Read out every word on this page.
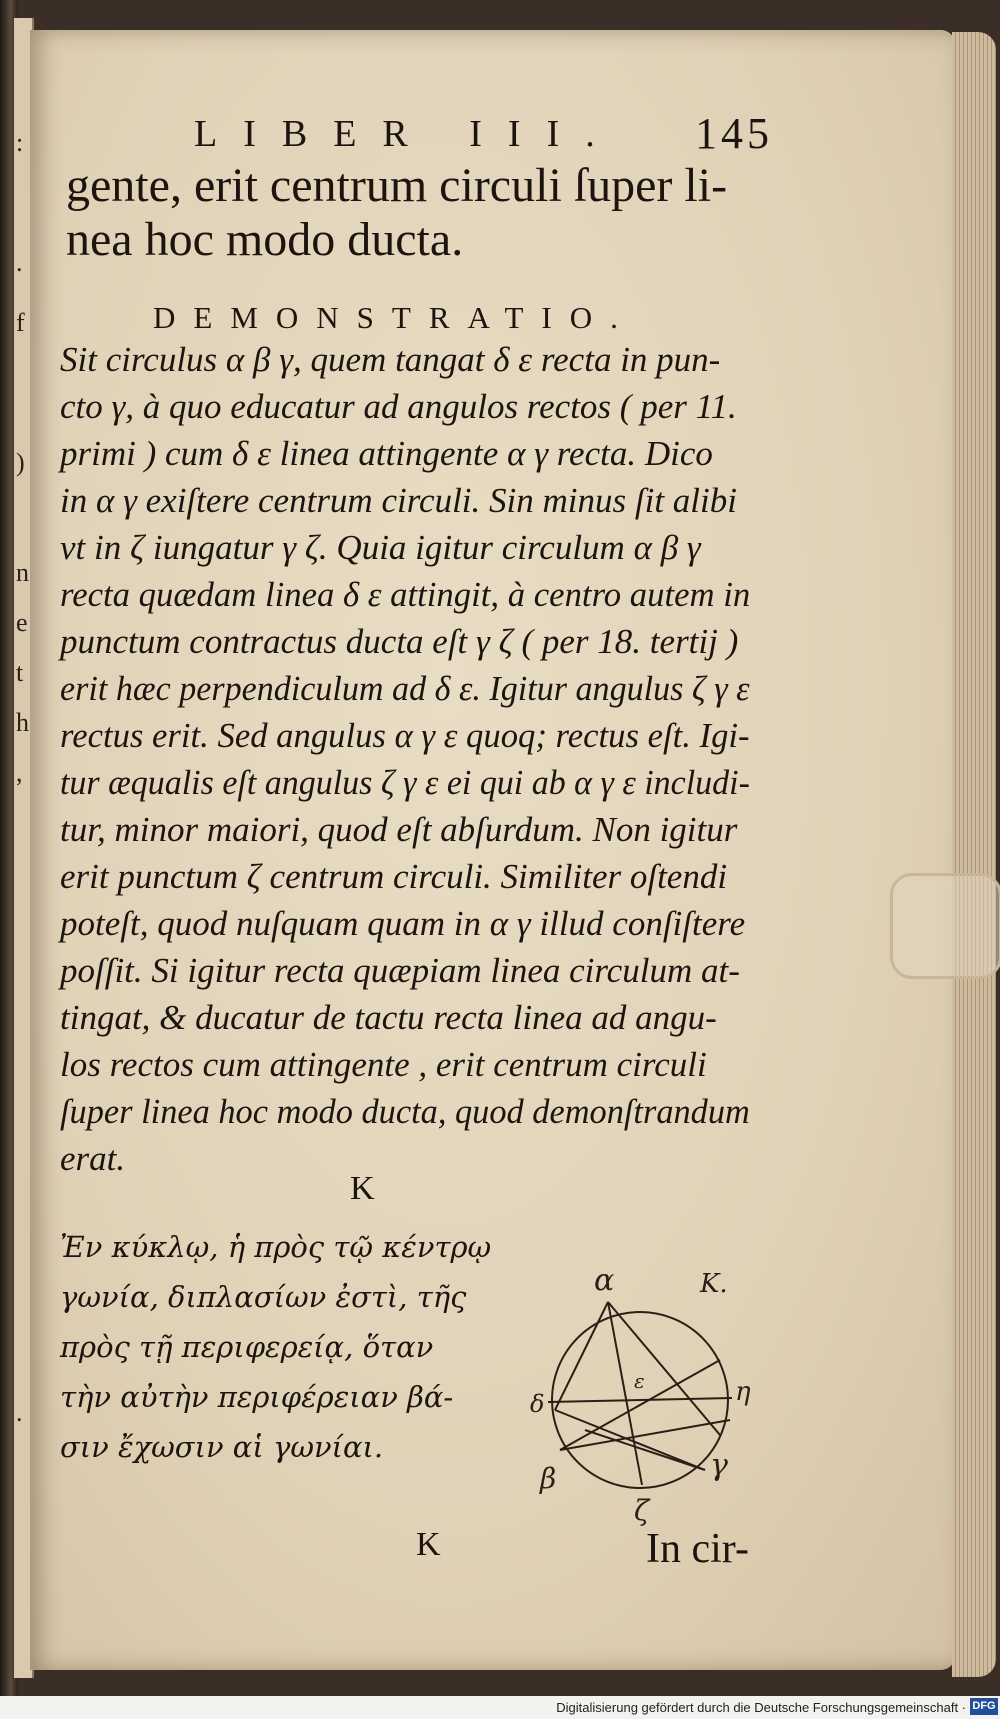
:
.
f
)
n
e
t
h
,
.
LIBER III. 145
gente, erit centrum circuli ſuper li-
nea hoc modo ducta.
DEMONSTRATIO.
Sit circulus α β γ, quem tangat δ ε recta in pun-
cto γ, à quo educatur ad angulos rectos ( per 11.
primi ) cum δ ε linea attingente α γ recta. Dico
in α γ exiſtere centrum circuli. Sin minus ſit alibi
vt in ζ iungatur γ ζ. Quia igitur circulum α β γ
recta quædam linea δ ε attingit, à centro autem in
punctum contractus ducta eſt γ ζ ( per 18. tertij )
erit hæc perpendiculum ad δ ε. Igitur angulus ζ γ ε
rectus erit. Sed angulus α γ ε quoq; rectus eſt. Igi-
tur æqualis eſt angulus ζ γ ε ei qui ab α γ ε includi-
tur, minor maiori, quod eſt abſurdum. Non igitur
erit punctum ζ centrum circuli. Similiter oſtendi
poteſt, quod nuſquam quam in α γ illud conſiſtere
poſſit. Si igitur recta quæpiam linea circulum at-
tingat, & ducatur de tactu recta linea ad angu-
los rectos cum attingente , erit centrum circuli
ſuper linea hoc modo ducta, quod demonſtrandum
erat.
K
Ἐν κύκλῳ, ἡ πρὸς τῷ κέντρῳ
γωνία, διπλασίων ἐστὶ, τῆς
πρὸς τῇ περιφερείᾳ, ὅταν
τὴν αὐτὴν περιφέρειαν βά-
σιν ἔχωσιν αἱ γωνίαι.
K	In cir-
α
δ	η
β	γ
ζ
ε
K.
Digitalisierung gefördert durch die Deutsche Forschungsgemeinschaft · DFG
